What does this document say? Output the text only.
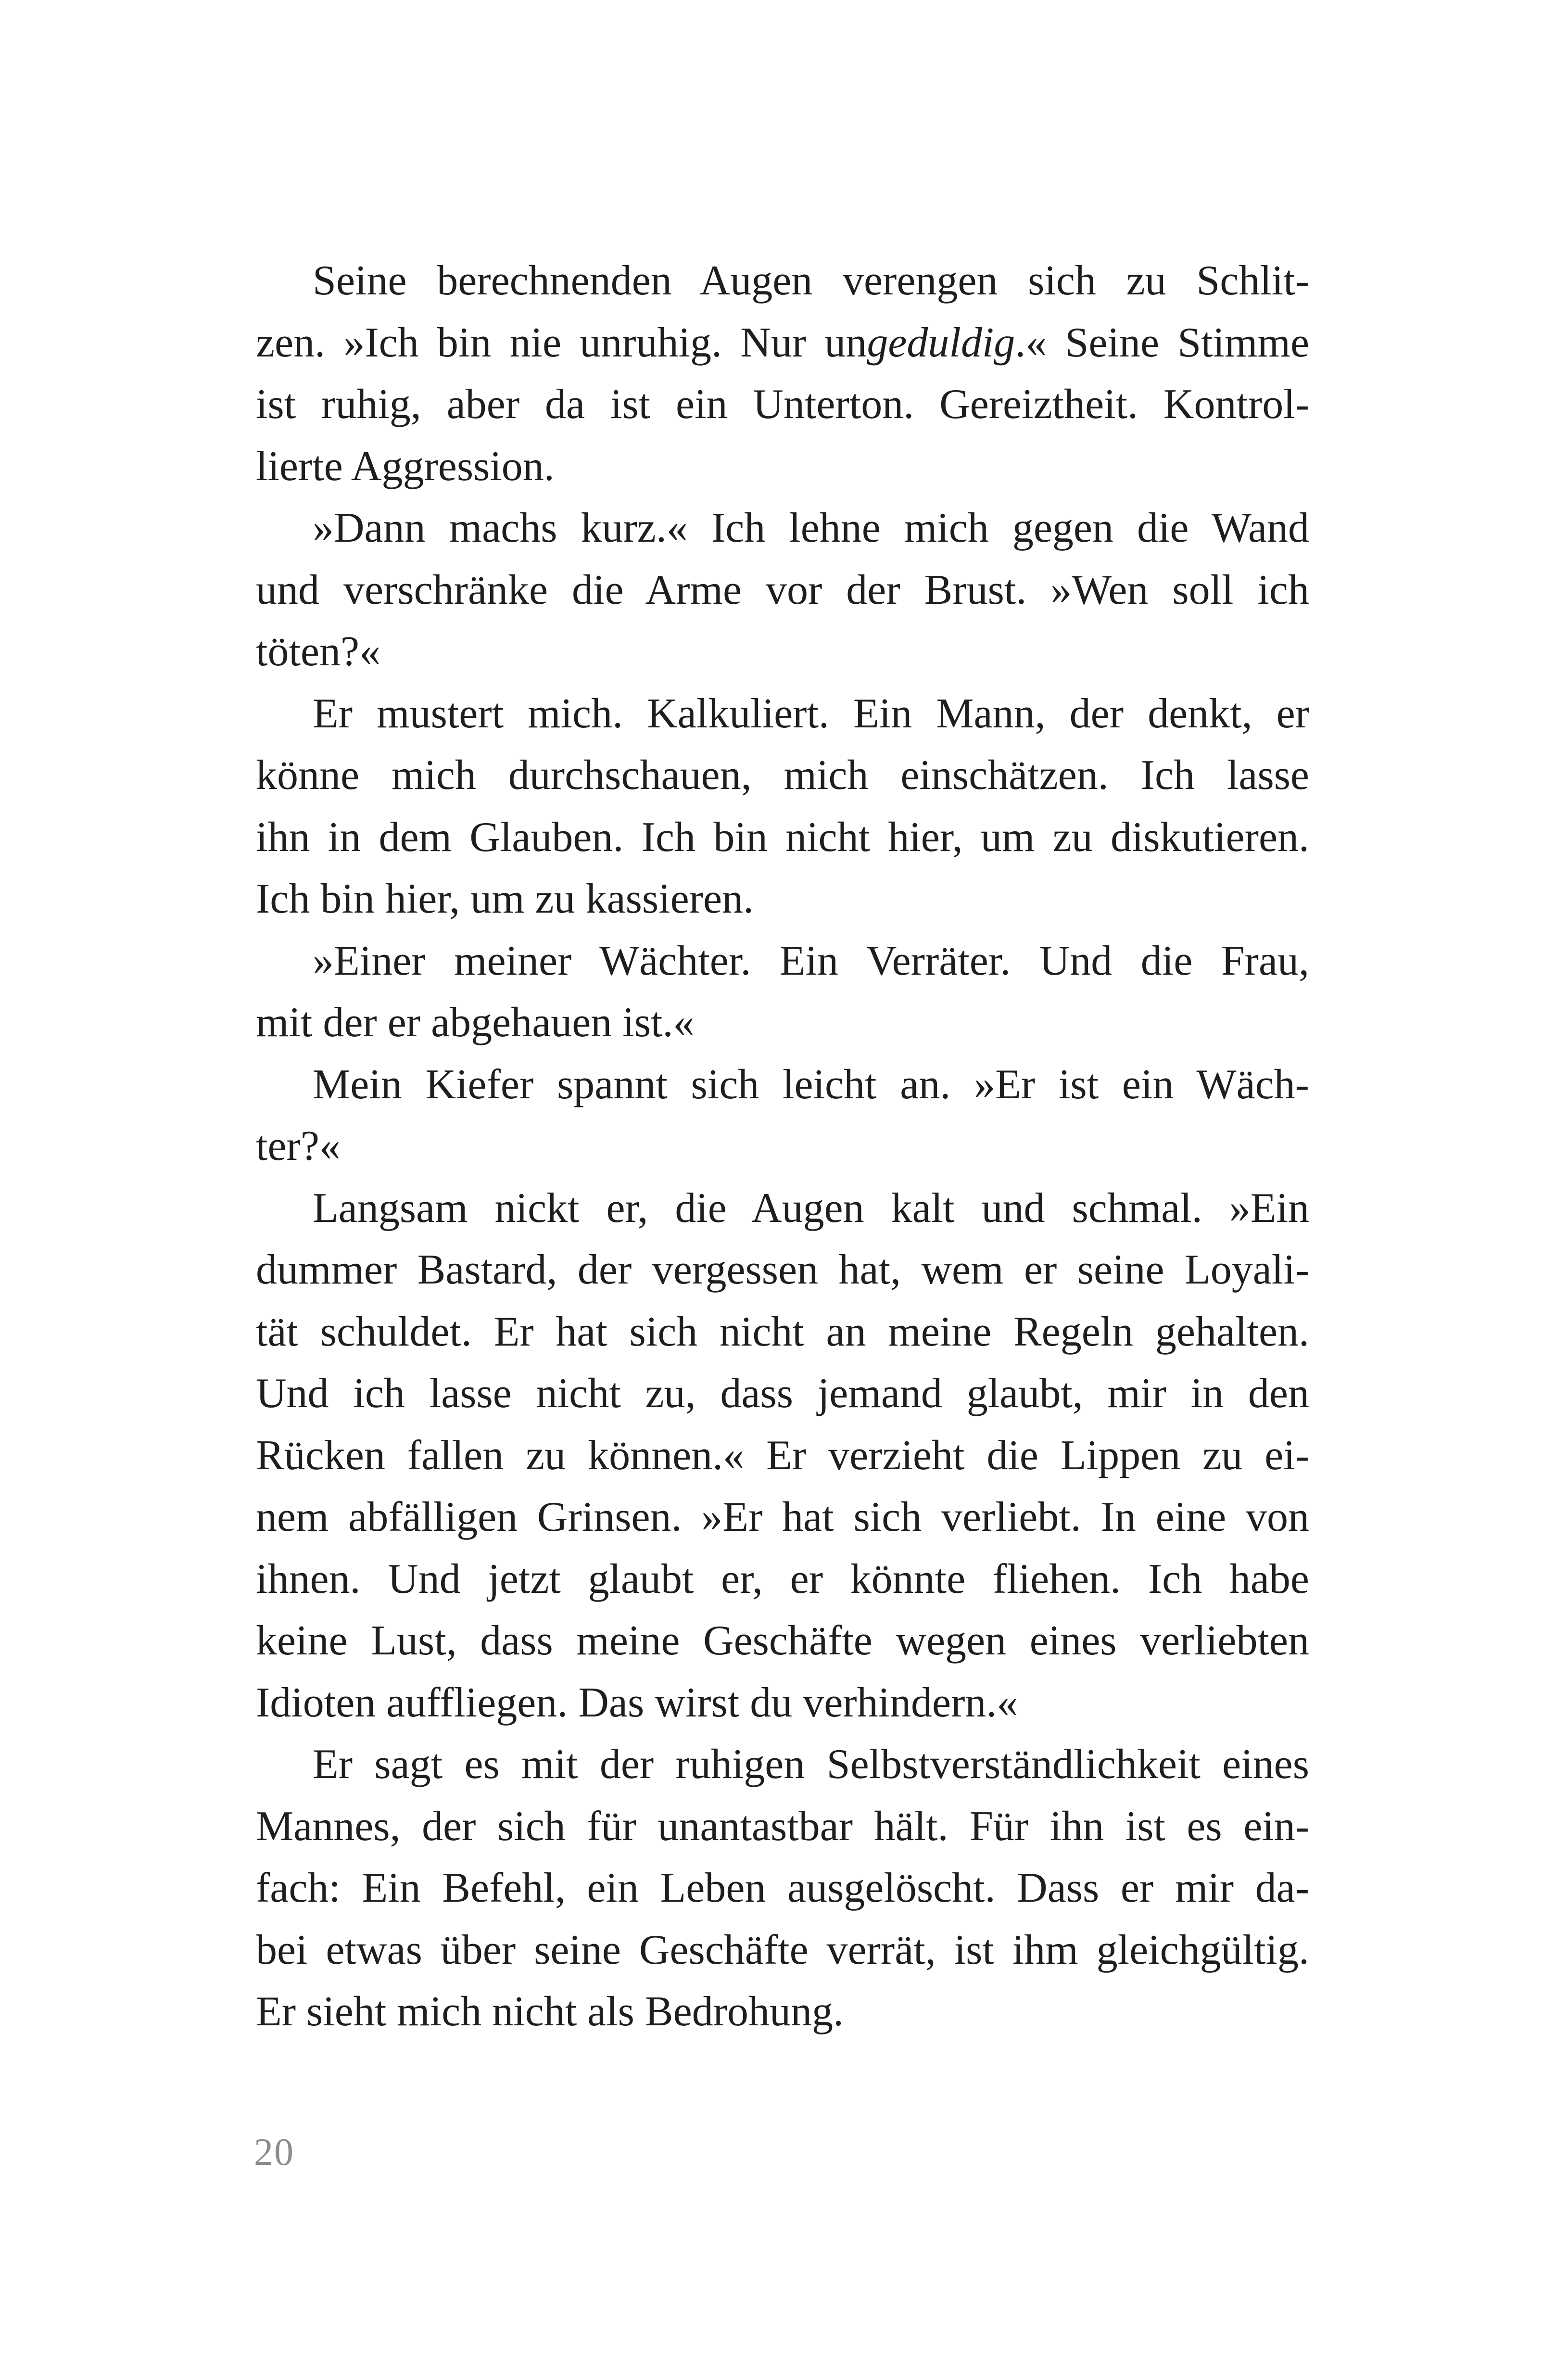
Seine berechnenden Augen verengen sich zu Schlit-
zen. »Ich bin nie unruhig. Nur ungeduldig.« Seine Stimme
ist ruhig, aber da ist ein Unterton. Gereiztheit. Kontrol-
lierte Aggression.
»Dann machs kurz.« Ich lehne mich gegen die Wand
und verschränke die Arme vor der Brust. »Wen soll ich
töten?«
Er mustert mich. Kalkuliert. Ein Mann, der denkt, er
könne mich durchschauen, mich einschätzen. Ich lasse
ihn in dem Glauben. Ich bin nicht hier, um zu diskutieren.
Ich bin hier, um zu kassieren.
»Einer meiner Wächter. Ein Verräter. Und die Frau,
mit der er abgehauen ist.«
Mein Kiefer spannt sich leicht an. »Er ist ein Wäch-
ter?«
Langsam nickt er, die Augen kalt und schmal. »Ein
dummer Bastard, der vergessen hat, wem er seine Loyali-
tät schuldet. Er hat sich nicht an meine Regeln gehalten.
Und ich lasse nicht zu, dass jemand glaubt, mir in den
Rücken fallen zu können.« Er verzieht die Lippen zu ei-
nem abfälligen Grinsen. »Er hat sich verliebt. In eine von
ihnen. Und jetzt glaubt er, er könnte fliehen. Ich habe
keine Lust, dass meine Geschäfte wegen eines verliebten
Idioten auffliegen. Das wirst du verhindern.«
Er sagt es mit der ruhigen Selbstverständlichkeit eines
Mannes, der sich für unantastbar hält. Für ihn ist es ein-
fach: Ein Befehl, ein Leben ausgelöscht. Dass er mir da-
bei etwas über seine Geschäfte verrät, ist ihm gleichgültig.
Er sieht mich nicht als Bedrohung.
20
